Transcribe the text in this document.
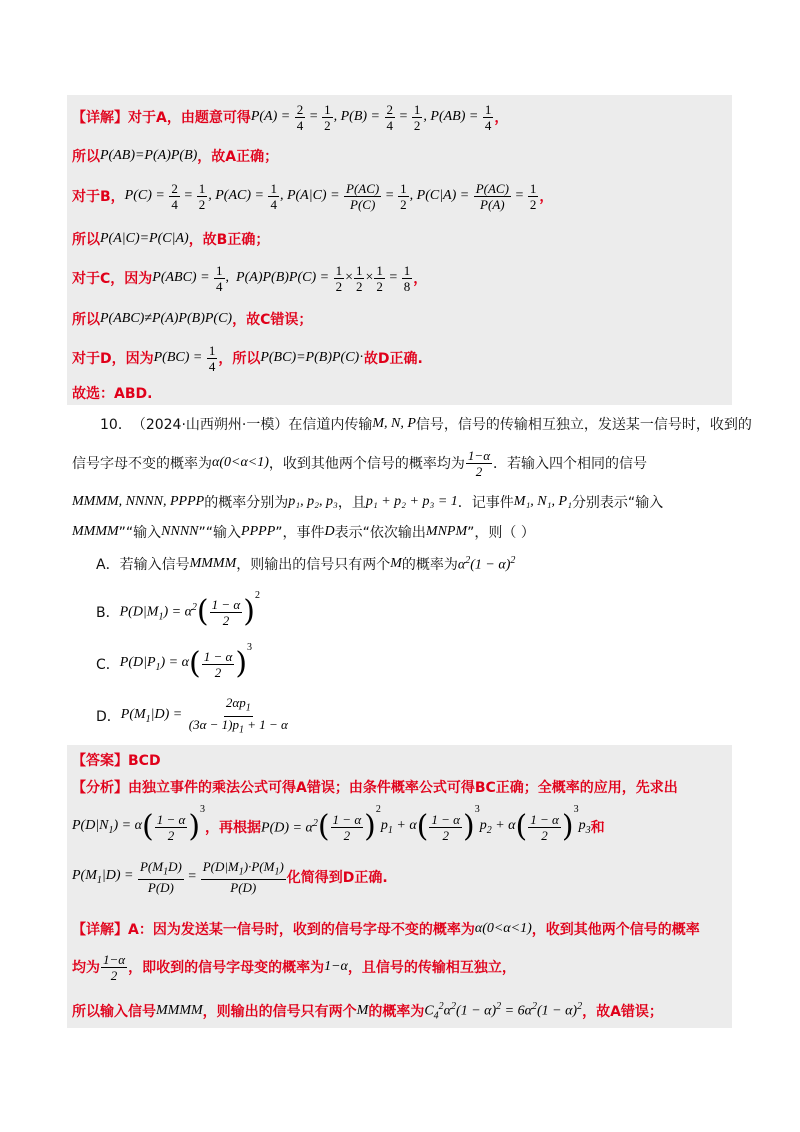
【详解】 对于A，由题意可得 $P(A) = \frac{2}{4} = \frac{1}{2}$ , $P(B) = \frac{2}{4} = \frac{1}{2}$ , $P(AB) = \frac{1}{4}$ ，
所以 P(AB)=P(A)P(B) ，故A正确；
对于B， $P(C) = \frac{2}{4} = \frac{1}{2}$ , $P(AC) = \frac{1}{4}$ , $P(A|C) = \frac{P(AC)}{P(C)} = \frac{1}{2}$ , $P(C|A) = \frac{P(AC)}{P(A)} = \frac{1}{2}$ ，
所以 P(A|C)=P(C|A) ，故B正确；
对于C，因为 $P(ABC) = \frac{1}{4}$ , $P(A)P(B)P(C) = \frac{1}{2} \times \frac{1}{2} \times \frac{1}{2} = \frac{1}{8}$ ，
所以 P(ABC)≠P(A)P(B)P(C) ，故C错误；
对于D，因为 $P(BC) = \frac{1}{4}$ ，所以 P(BC)=P(B)P(C) · 故D正确.
故选：ABD.
10． （2024·山西朔州·一模） 在信道内传输 M, N, P 信号，信号的传输相互独立，发送某一信号时，收到的
信号字母不变的概率为 α(0<α<1) ，收到其他两个信号的概率均为 $\frac{1-\alpha}{2}$ ．若输入四个相同的信号
MMMM, NNNN, PPPP 的概率分别为 p₁, p₂, p₃ ，且 p₁ + p₂ + p₃ = 1 ．记事件 M₁, N₁, P₁ 分别表示“输入
MMMM ”“输入 NNNN ”“输入 PPPP ”，事件 D 表示“依次输出 MNPM ”，则（ ）
A． 若输入信号 MMMM ，则输出的信号只有两个 M 的概率为 $\alpha^2(1 - \alpha)^2$
B． $P(D|M_1) = \alpha^2$ ( $\frac{1 - \alpha}{2}$ ) 2
C． $P(D|P_1) = \alpha$ ( $\frac{1 - \alpha}{2}$ ) 3
D． $P(M_1|D) = \frac{2\alpha p_1}{(3\alpha - 1)p_1 + 1 - \alpha}$
【答案】BCD
【分析】 由独立事件的乘法公式可得A错误；由条件概率公式可得BC正确；全概率的应用，先求出
$P(D|N_1) = \alpha$ ( $\frac{1 - \alpha}{2}$ ) 3
，再根据 $P(D) = \alpha^2$ ( $\frac{1 - \alpha}{2}$ ) 2
$p_1 + \alpha$ ( $\frac{1 - \alpha}{2}$ ) 3
$p_2 + \alpha$ ( $\frac{1 - \alpha}{2}$ ) 3
$p_3$ 和
$P(M_1|D) = \frac{P(M_1D)}{P(D)} = \frac{P(D|M_1)\cdot P(M_1)}{P(D)}$ 化简得到D正确.
【详解】 A：因为发送某一信号时，收到的信号字母不变的概率为 α(0<α<1) ，收到其他两个信号的概率
均为 $\frac{1-\alpha}{2}$ ，即收到的信号字母变的概率为 1−α ，且信号的传输相互独立，
所以输入信号 MMMM ，则输出的信号只有两个 M 的概率为 $C_4^2\alpha^2(1 - \alpha)^2 = 6\alpha^2(1 - \alpha)^2$ ，故A错误；
